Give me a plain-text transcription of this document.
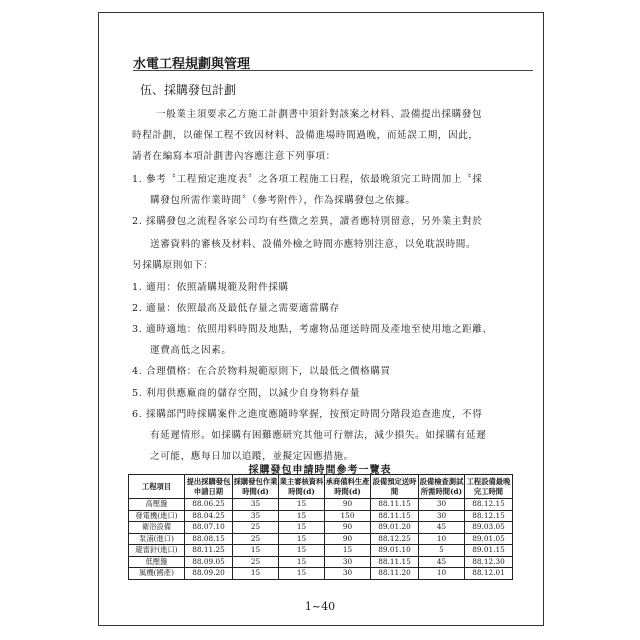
水電工程規劃與管理
伍、採購發包計劃
一般業主須要求乙方施工計劃書中須針對該案之材料、設備提出採購發包
時程計劃，以確保工程不致因材料、設備進場時間過晚，而延誤工期，因此，
請者在編寫本項計劃書內容應注意下列事項：
1. 參考〝工程預定進度表〞之各項工程施工日程，依最晚須完工時間加上〝採
購發包所需作業時間〞（參考附件），作為採購發包之依據。
2. 採購發包之流程各家公司均有些微之差異，讀者應特別留意，另外業主對於
送審資料的審核及材料、設備外檢之時間亦應特別注意，以免耽誤時間。
另採購原則如下：
1. 適用：依照請購規範及附件採購
2. 適量：依照最高及最低存量之需要適當購存
3. 適時適地：依照用料時間及地點，考慮物品運送時間及產地至使用地之距離、
運費高低之因素。
4. 合理價格：在合於物料規範原則下，以最低之價格購買
5. 利用供應廠商的儲存空間，以減少自身物料存量
6. 採購部門時採購案件之進度應隨時掌握，按預定時間分階段追查進度，不得
有延遲情形。如採購有困難應研究其他可行辦法，減少損失。如採購有延遲
之可能，應每日加以追蹤，並擬定因應措施。
採購發包申請時間參考一覽表
工程項目	提出採購發包申請日期	採購發包作業時間(d)	業主審核資料時間(d)	承商備料生產時間(d)	設備預定送時間	設備檢查測試所需時間(d)	工程設備最晚完工時間
高壓盤	88.06.25	35	15	90	88.11.15	30	88.12.15
發電機(進口)	88.04.25	35	15	150	88.11.15	30	88.12.15
衛浴設備	88.07.10	25	15	90	89.01.20	45	89.03.05
泵浦(進口)	88.08.15	25	15	90	88.12.25	10	89.01.05
避雷針(進口)	88.11.25	15	15	15	89.01.10	5	89.01.15
低壓盤	88.09.05	25	15	30	88.11.15	45	88.12.30
風機(國產)	88.09.20	15	15	30	88.11.20	10	88.12.01
1~40
